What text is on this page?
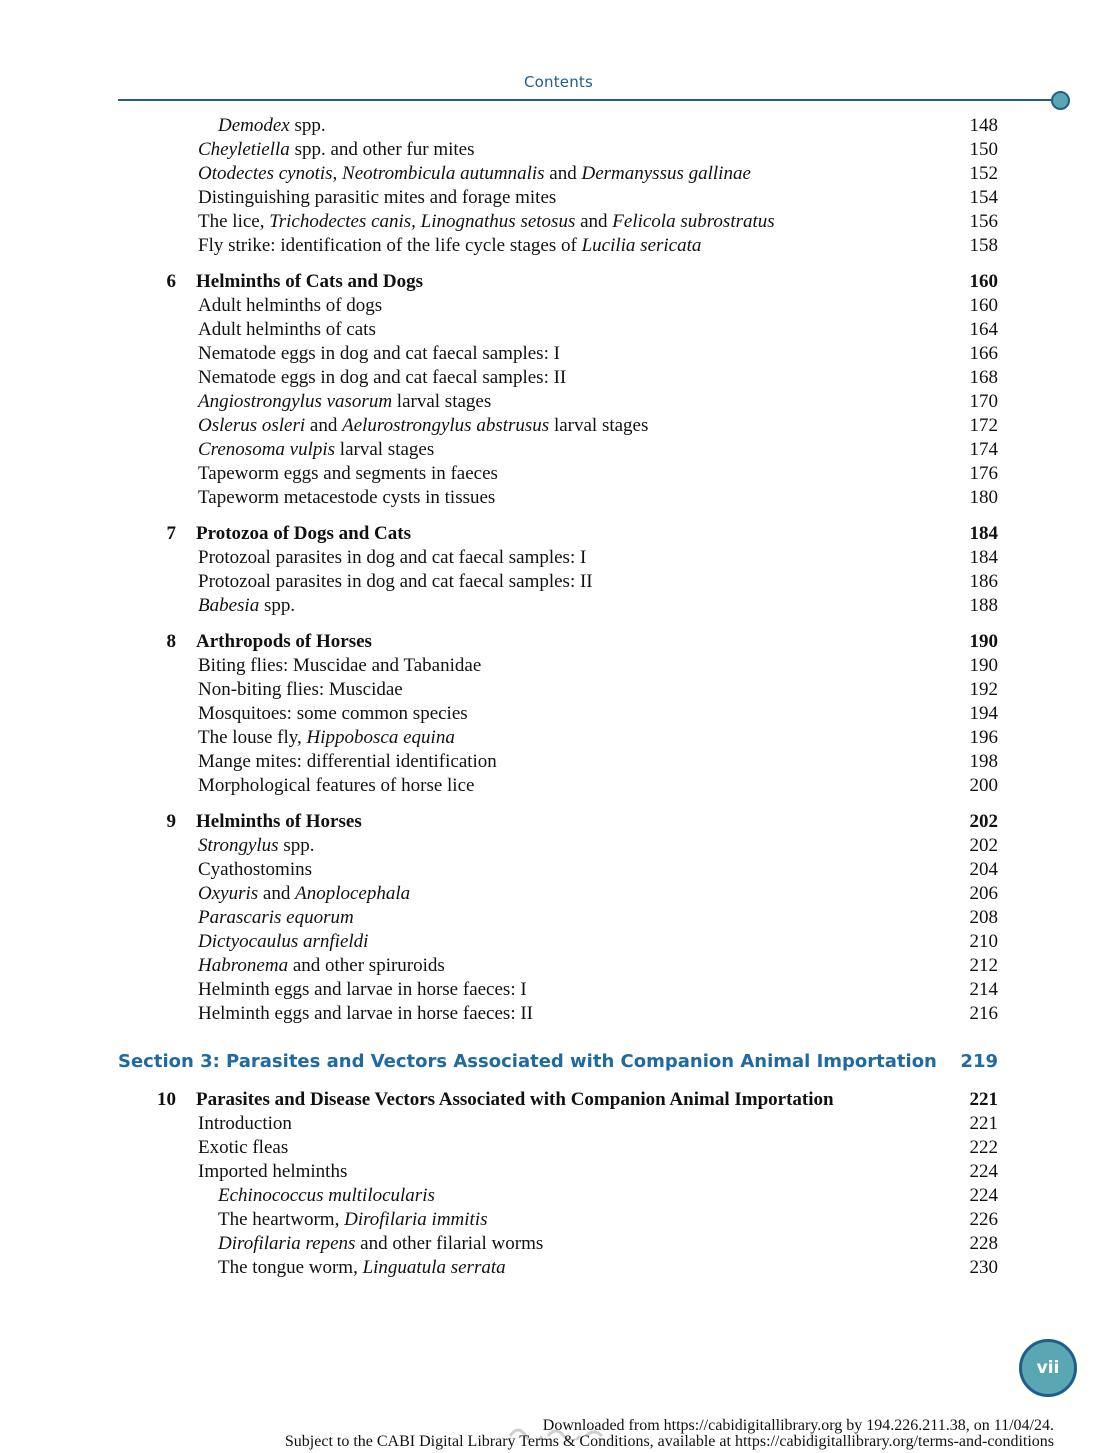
Contents
Demodex spp.	148
Cheyletiella spp. and other fur mites	150
Otodectes cynotis, Neotrombicula autumnalis and Dermanyssus gallinae	152
Distinguishing parasitic mites and forage mites	154
The lice, Trichodectes canis, Linognathus setosus and Felicola subrostratus	156
Fly strike: identification of the life cycle stages of Lucilia sericata	158
6 Helminths of Cats and Dogs	160
Adult helminths of dogs	160
Adult helminths of cats	164
Nematode eggs in dog and cat faecal samples: I	166
Nematode eggs in dog and cat faecal samples: II	168
Angiostrongylus vasorum larval stages	170
Oslerus osleri and Aelurostrongylus abstrusus larval stages	172
Crenosoma vulpis larval stages	174
Tapeworm eggs and segments in faeces	176
Tapeworm metacestode cysts in tissues	180
7 Protozoa of Dogs and Cats	184
Protozoal parasites in dog and cat faecal samples: I	184
Protozoal parasites in dog and cat faecal samples: II	186
Babesia spp.	188
8 Arthropods of Horses	190
Biting flies: Muscidae and Tabanidae	190
Non-biting flies: Muscidae	192
Mosquitoes: some common species	194
The louse fly, Hippobosca equina	196
Mange mites: differential identification	198
Morphological features of horse lice	200
9 Helminths of Horses	202
Strongylus spp.	202
Cyathostomins	204
Oxyuris and Anoplocephala	206
Parascaris equorum	208
Dictyocaulus arnfieldi	210
Habronema and other spiruroids	212
Helminth eggs and larvae in horse faeces: I	214
Helminth eggs and larvae in horse faeces: II	216
Section 3: Parasites and Vectors Associated with Companion Animal Importation 219
10 Parasites and Disease Vectors Associated with Companion Animal Importation	221
Introduction	221
Exotic fleas	222
Imported helminths	224
Echinococcus multilocularis	224
The heartworm, Dirofilaria immitis	226
Dirofilaria repens and other filarial worms	228
The tongue worm, Linguatula serrata	230
vii
Downloaded from https://cabidigitallibrary.org by 194.226.211.38, on 11/04/24.
Subject to the CABI Digital Library Terms & Conditions, available at https://cabidigitallibrary.org/terms-and-conditions
